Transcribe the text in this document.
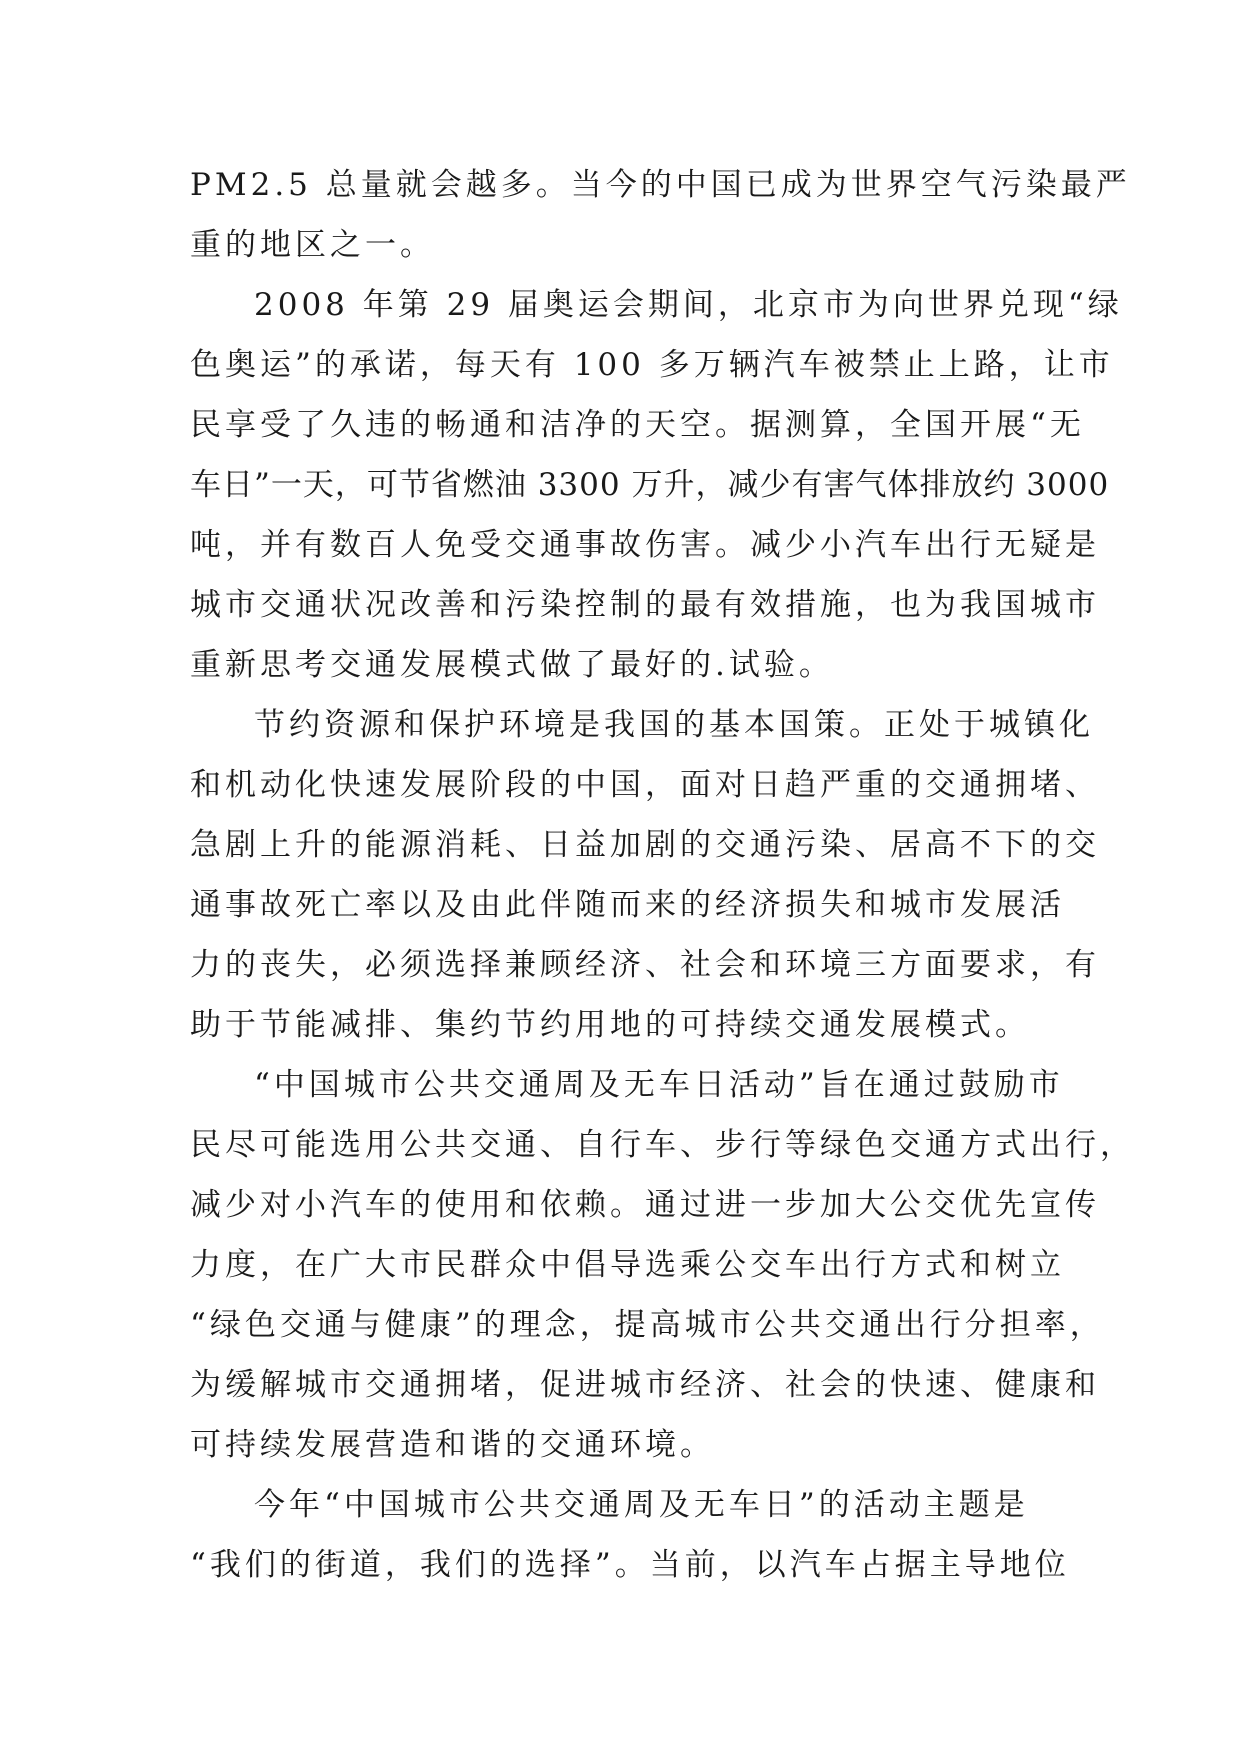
PM2.5 总量就会越多。当今的中国已成为世界空气污染最严
重的地区之一。
2008 年第 29 届奥运会期间，北京市为向世界兑现“绿
色奥运”的承诺，每天有 100 多万辆汽车被禁止上路，让市
民享受了久违的畅通和洁净的天空。据测算，全国开展“无
车日”一天，可节省燃油 3300 万升，减少有害气体排放约 3000
吨，并有数百人免受交通事故伤害。减少小汽车出行无疑是
城市交通状况改善和污染控制的最有效措施，也为我国城市
重新思考交通发展模式做了最好的.试验。
节约资源和保护环境是我国的基本国策。正处于城镇化
和机动化快速发展阶段的中国，面对日趋严重的交通拥堵、
急剧上升的能源消耗、日益加剧的交通污染、居高不下的交
通事故死亡率以及由此伴随而来的经济损失和城市发展活
力的丧失，必须选择兼顾经济、社会和环境三方面要求，有
助于节能减排、集约节约用地的可持续交通发展模式。
“中国城市公共交通周及无车日活动”旨在通过鼓励市
民尽可能选用公共交通、自行车、步行等绿色交通方式出行，
减少对小汽车的使用和依赖。通过进一步加大公交优先宣传
力度，在广大市民群众中倡导选乘公交车出行方式和树立
“绿色交通与健康”的理念，提高城市公共交通出行分担率，
为缓解城市交通拥堵，促进城市经济、社会的快速、健康和
可持续发展营造和谐的交通环境。
今年“中国城市公共交通周及无车日”的活动主题是
“我们的街道，我们的选择”。当前，以汽车占据主导地位
